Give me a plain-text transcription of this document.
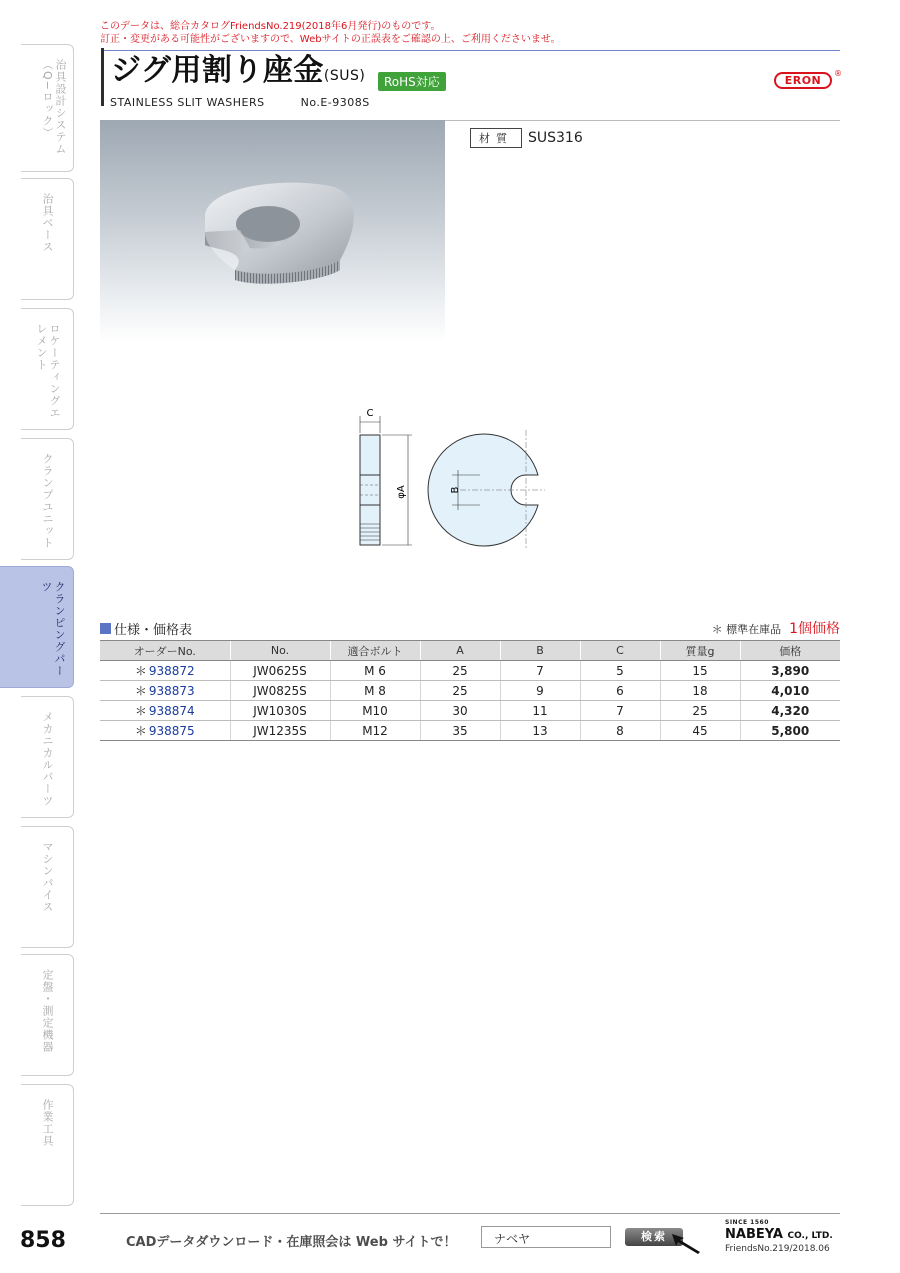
このデータは、総合カタログFriendsNo.219(2018年6月発行)のものです。
訂正・変更がある可能性がございますので、Webサイトの正誤表をご確認の上、ご利用くださいませ。
治具設計システム（Q−ロック）
治具ベース
ロケーティングエレメント
クランプユニット
クランピングパーツ
メカニカルパーツ
マシンバイス
定盤・測定機器
作業工具
ジグ用割り座金(SUS)	RoHS対応
STAINLESS SLIT WASHERS	No.E-9308S
ERON
®
材質	SUS316
C
φA	B
仕様・価格表	＊ 標準在庫品 1個価格
オーダーNo.	No.	適合ボルト	A	B	C	質量g	価格
＊ 938872	JW0625S	M 6	25	7	5	15	3,890
＊ 938873	JW0825S	M 8	25	9	6	18	4,010
＊ 938874	JW1030S	M10	30	11	7	25	4,320
＊ 938875	JW1235S	M12	35	13	8	45	5,800
858	CADデータダウンロード・在庫照会は Web サイトで！	ナベヤ	検索
SINCE 1560
NABEYA CO., LTD.
FriendsNo.219/2018.06
